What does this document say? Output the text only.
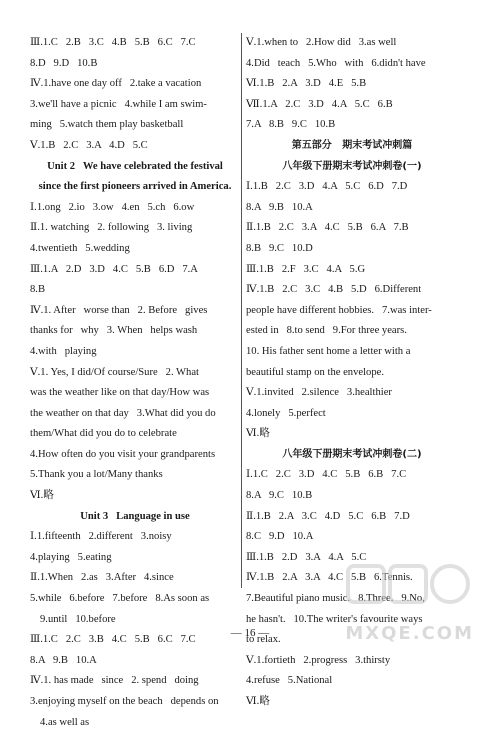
Ⅲ.1.C   2.B   3.C   4.B   5.B   6.C   7.C
8.D   9.D   10.B
Ⅳ.1.have one day off   2.take a vacation
3.we'll have a picnic   4.while I am swim-
ming   5.watch them play basketball
Ⅴ.1.B   2.C   3.A   4.D   5.C
Unit 2   We have celebrated the festival
since the first pioneers arrived in America.
Ⅰ.1.ong   2.io   3.ow   4.en   5.ch   6.ow
Ⅱ.1. watching   2. following   3. living
4.twentieth   5.wedding
Ⅲ.1.A   2.D   3.D   4.C   5.B   6.D   7.A
8.B
Ⅳ.1. After   worse than   2. Before   gives
thanks for   why   3. When   helps wash
4.with   playing
Ⅴ.1. Yes, I did/Of course/Sure   2. What
was the weather like on that day/How was
the weather on that day   3.What did you do
them/What did you do to celebrate
4.How often do you visit your grandparents
5.Thank you a lot/Many thanks
Ⅵ.略
Unit 3   Language in use
Ⅰ.1.fifteenth   2.different   3.noisy
4.playing   5.eating
Ⅱ.1.When   2.as   3.After   4.since
5.while   6.before   7.before   8.As soon as
9.until   10.before
Ⅲ.1.C   2.C   3.B   4.C   5.B   6.C   7.C
8.A   9.B   10.A
Ⅳ.1. has made   since   2. spend   doing
3.enjoying myself on the beach   depends on
4.as well as
Ⅴ.1.when to   2.How did   3.as well
4.Did   teach   5.Who   with   6.didn't have
Ⅵ.1.B   2.A   3.D   4.E   5.B
Ⅶ.1.A   2.C   3.D   4.A   5.C   6.B
7.A   8.B   9.C   10.B
第五部分   期末考试冲刺篇
八年级下册期末考试冲刺卷(一)
Ⅰ.1.B   2.C   3.D   4.A   5.C   6.D   7.D
8.A   9.B   10.A
Ⅱ.1.B   2.C   3.A   4.C   5.B   6.A   7.B
8.B   9.C   10.D
Ⅲ.1.B   2.F   3.C   4.A   5.G
Ⅳ.1.B   2.C   3.C   4.B   5.D   6.Different
people have different hobbies.   7.was inter-
ested in   8.to send   9.For three years.
10. His father sent home a letter with a
beautiful stamp on the envelope.
Ⅴ.1.invited   2.silence   3.healthier
4.lonely   5.perfect
Ⅵ.略
八年级下册期末考试冲刺卷(二)
Ⅰ.1.C   2.C   3.D   4.C   5.B   6.B   7.C
8.A   9.C   10.B
Ⅱ.1.B   2.A   3.C   4.D   5.C   6.B   7.D
8.C   9.D   10.A
Ⅲ.1.B   2.D   3.A   4.A   5.C
Ⅳ.1.B   2.A   3.A   4.C   5.B   6.Tennis.
7.Beautiful piano music.   8.Three.   9.No,
he hasn't.   10.The writer's favourite ways
to relax.
Ⅴ.1.fortieth   2.progress   3.thirsty
4.refuse   5.National
Ⅵ.略
— 16 —	MXQE.COM
